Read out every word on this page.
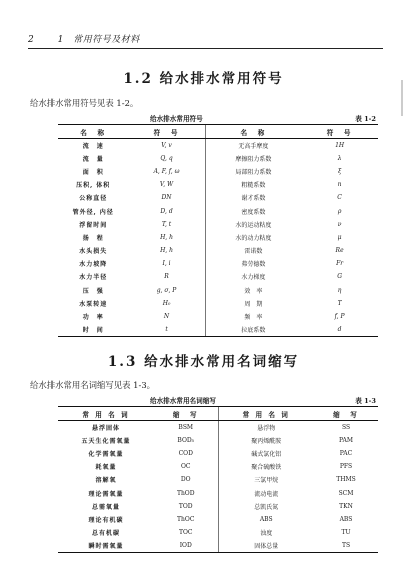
2	1 常用符号及材料
1.2 给水排水常用符号
给水排水常用符号见表 1-2。
给水排水常用符号	表 1-2
名　称	符　号	名　称	符　号
流　速	V, v	无高手摩度	1H
流　量	Q, q	摩擦阻力系数	λ
面　积	A, F, f, ω	局部阻力系数	ξ
压积, 体积	V, W	粗糙系数	n
公称直径	DN	谢才系数	C
管外径, 内径	D, d	密度系数	ρ
浮留时间	T, t	水的运动粘度	ν
扬　程	H, h	水的动力粘度	μ
水头损失	H, h	雷诺数	Re
水力坡降	I, i	弗劳德数	Fr
水力半径	R	水力梯度	G
压　强	g, σ, P	效　率	η
水泵转速	H₀	周　期	T
功　率	N	频　率	f, P
时　间	t	拉底系数	d
1.3 给水排水常用名词缩写
给水排水常用名词缩写见表 1-3。
给水排水常用名词缩写	表 1-3
常 用 名 词	缩　写	常 用 名 词	缩　写
悬浮固体	BSM	悬浮物	SS
五天生化需氧量	BOD₅	聚丙烯酰胺	PAM
化学需氧量	COD	碱式氯化铝	PAC
耗氧量	OC	聚合硫酸铁	PFS
溶解氧	DO	三氯甲烷	THMS
理论需氧量	ThOD	流动电流	SCM
总需氧量	TOD	总凯氏氮	TKN
理论有机碳	ThOC	ABS	ABS
总有机碳	TOC	浊度	TU
瞬时需氧量	IOD	固体总量	TS
